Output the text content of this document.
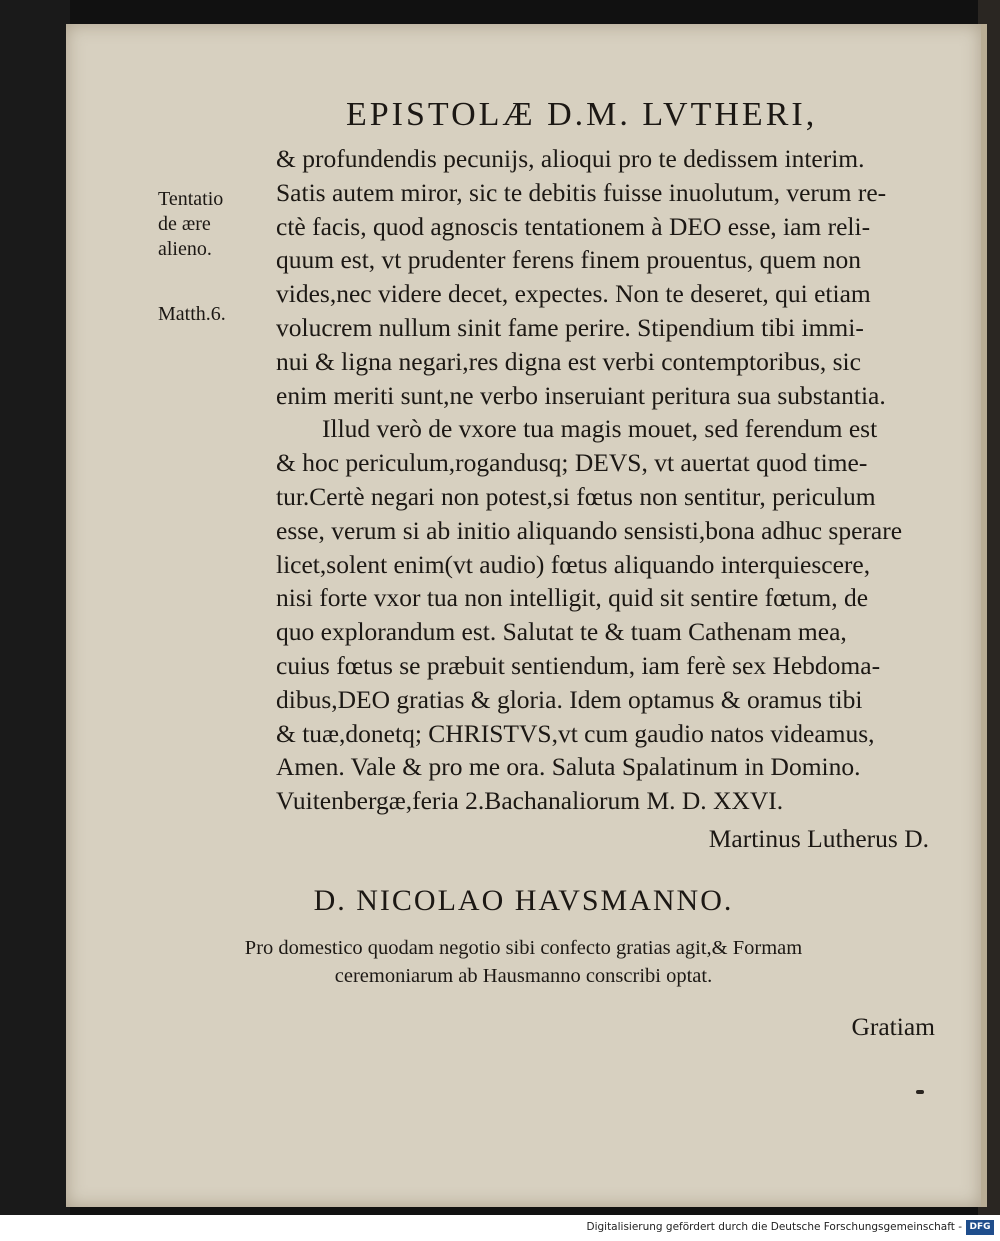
EPISTOLÆ D.M. LVTHERI,
Tentatio
de ære
alieno.
Matth.6.
& profundendis pecunijs, alioqui pro te dedissem interim.
Satis autem miror, sic te debitis fuisse inuolutum, verum re-
ctè facis, quod agnoscis tentationem à DEO esse, iam reli-
quum est, vt prudenter ferens finem prouentus, quem non
vides,nec videre decet, expectes. Non te deseret, qui etiam
volucrem nullum sinit fame perire. Stipendium tibi immi-
nui & ligna negari,res digna est verbi contemptoribus, sic
enim meriti sunt,ne verbo inseruiant peritura sua substantia.
Illud verò de vxore tua magis mouet, sed ferendum est
& hoc periculum,rogandusq; DEVS, vt auertat quod time-
tur.Certè negari non potest,si fœtus non sentitur, periculum
esse, verum si ab initio aliquando sensisti,bona adhuc sperare
licet,solent enim(vt audio) fœtus aliquando interquiescere,
nisi forte vxor tua non intelligit, quid sit sentire fœtum, de
quo explorandum est. Salutat te & tuam Cathenam mea,
cuius fœtus se præbuit sentiendum, iam ferè sex Hebdoma-
dibus,DEO gratias & gloria. Idem optamus & oramus tibi
& tuæ,donetq; CHRISTVS,vt cum gaudio natos videamus,
Amen. Vale & pro me ora. Saluta Spalatinum in Domino.
Vuitenbergæ,feria 2.Bachanaliorum M. D. XXVI.
Martinus Lutherus D.
D. NICOLAO HAVSMANNO.
Pro domestico quodam negotio sibi confecto gratias agit,& Formam
ceremoniarum ab Hausmanno conscribi optat.
Gratiam
Digitalisierung gefördert durch die Deutsche Forschungsgemeinschaft - DFG
